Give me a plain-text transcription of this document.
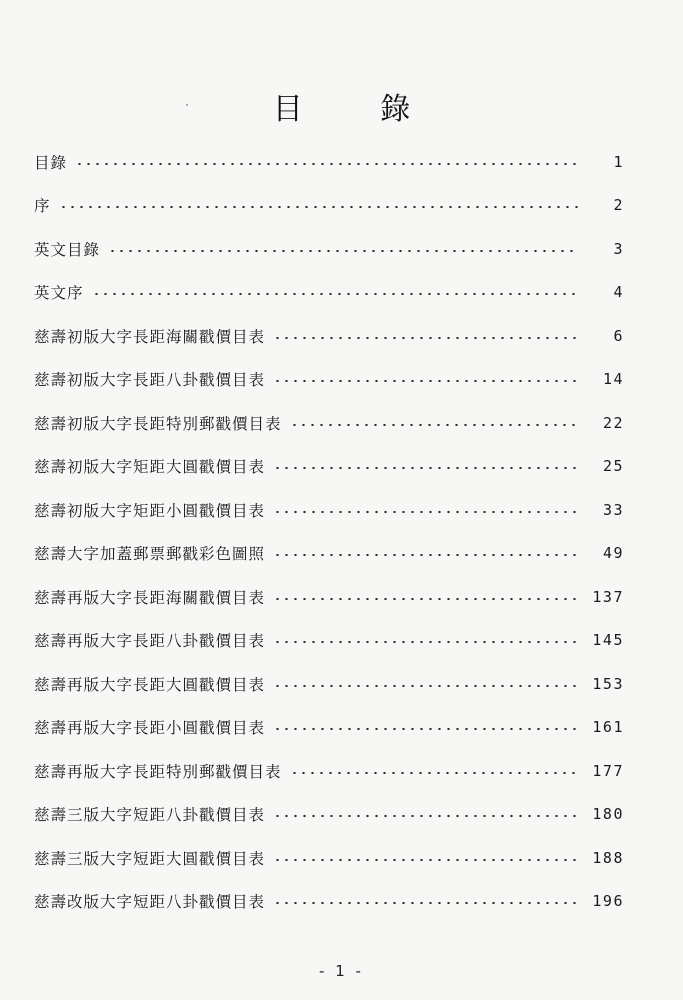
目 錄
目錄	1
序	2
英文目錄	3
英文序	4
慈壽初版大字長距海關戳價目表	6
慈壽初版大字長距八卦戳價目表	14
慈壽初版大字長距特別郵戳價目表	22
慈壽初版大字矩距大圓戳價目表	25
慈壽初版大字矩距小圓戳價目表	33
慈壽大字加蓋郵票郵戳彩色圖照	49
慈壽再版大字長距海關戳價目表	137
慈壽再版大字長距八卦戳價目表	145
慈壽再版大字長距大圓戳價目表	153
慈壽再版大字長距小圓戳價目表	161
慈壽再版大字長距特別郵戳價目表	177
慈壽三版大字短距八卦戳價目表	180
慈壽三版大字短距大圓戳價目表	188
慈壽改版大字短距八卦戳價目表	196
- 1 -
